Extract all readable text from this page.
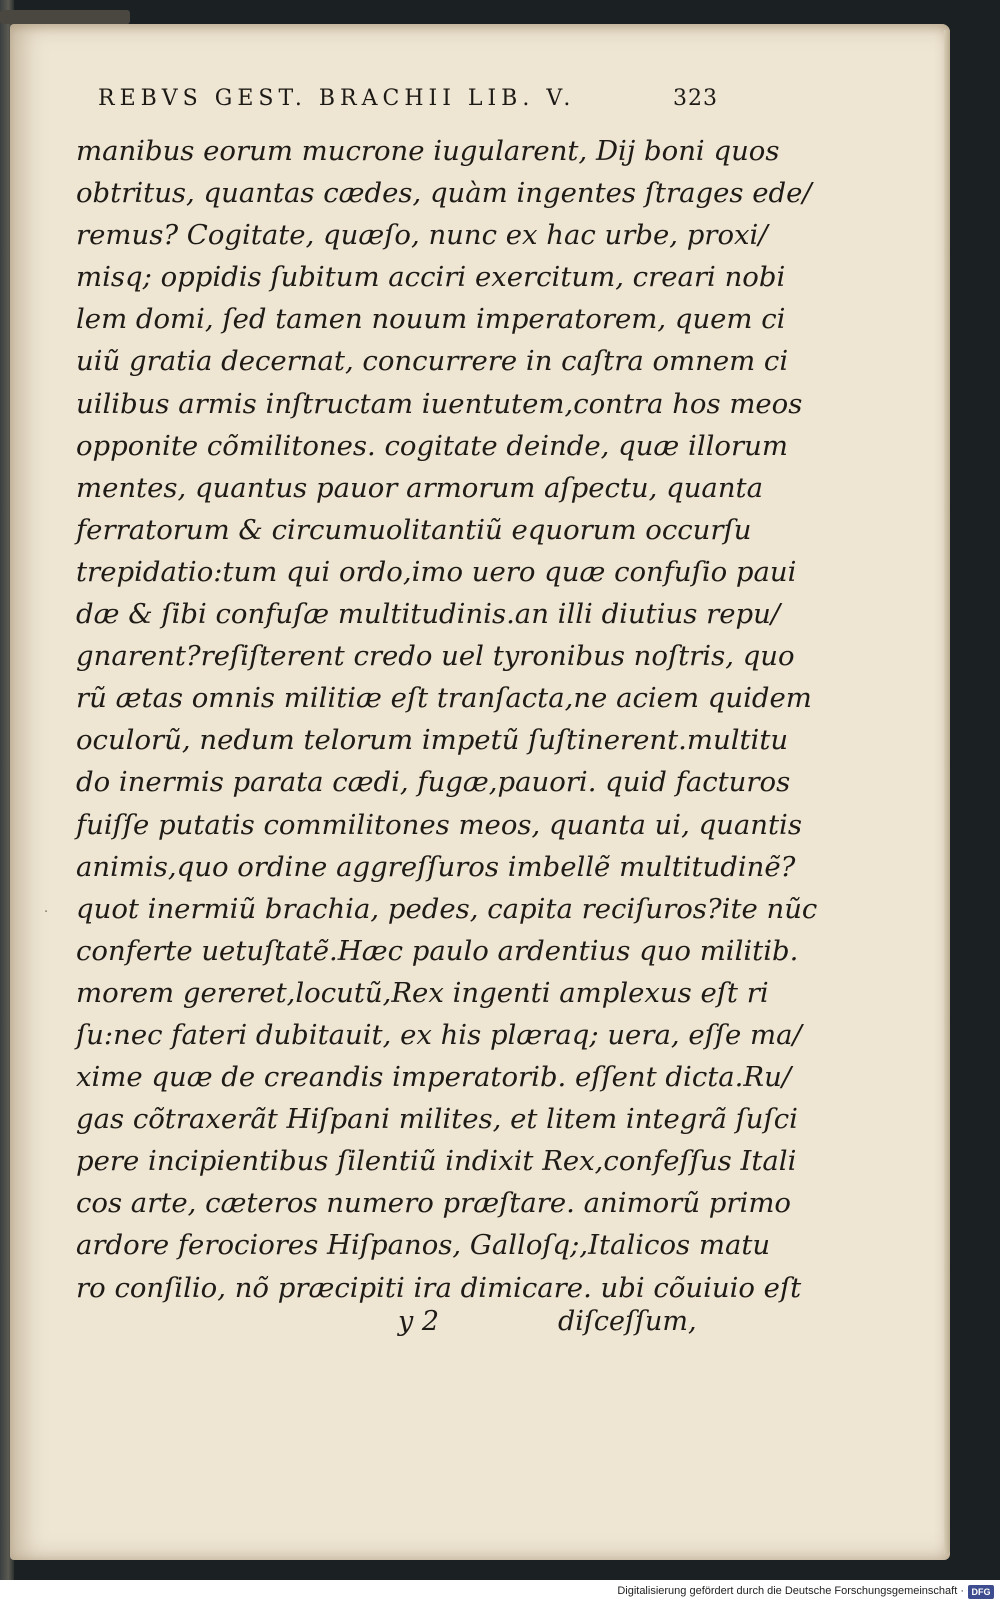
REBVS GEST. BRACHII LIB. V.	323
manibus eorum mucrone iugularent, Dij boni quos
obtritus, quantas cædes, quàm ingentes ſtrages ede/
remus? Cogitate, quæſo, nunc ex hac urbe, proxi/
misq; oppidis ſubitum acciri exercitum, creari nobi
lem domi, ſed tamen nouum imperatorem, quem ci
uiũ gratia decernat, concurrere in caſtra omnem ci
uilibus armis inſtructam iuentutem,contra hos meos
opponite cõmilitones. cogitate deinde, quæ illorum
mentes, quantus pauor armorum aſpectu, quanta
ferratorum & circumuolitantiũ equorum occurſu
trepidatio:tum qui ordo,imo uero quæ confuſio paui
dæ & ſibi confuſæ multitudinis.an illi diutius repu/
gnarent?reſiſterent credo uel tyronibus noſtris, quo
rũ ætas omnis militiæ eſt tranſacta,ne aciem quidem
oculorũ, nedum telorum impetũ ſuſtinerent.multitu
do inermis parata cædi, fugæ,pauori. quid facturos
fuiſſe putatis commilitones meos, quanta ui, quantis
animis,quo ordine aggreſſuros imbellẽ multitudinẽ?
quot inermiũ brachia, pedes, capita reciſuros?ite nũc
conferte uetuſtatẽ.Hæc paulo ardentius quo militib.
morem gereret,locutũ,Rex ingenti amplexus eſt ri
ſu:nec fateri dubitauit, ex his plæraq; uera, eſſe ma/
xime quæ de creandis imperatorib. eſſent dicta.Ru/
gas cõtraxerãt Hiſpani milites, et litem integrã ſuſci
pere incipientibus ſilentiũ indixit Rex,confeſſus Itali
cos arte, cæteros numero præſtare. animorũ primo
ardore ferociores Hiſpanos, Galloſq;,Italicos matu
ro conſilio, nõ præcipiti ira dimicare. ubi cõuiuio eſt
·
y 2	diſceſſum,
Digitalisierung gefördert durch die Deutsche Forschungsgemeinschaft · DFG
